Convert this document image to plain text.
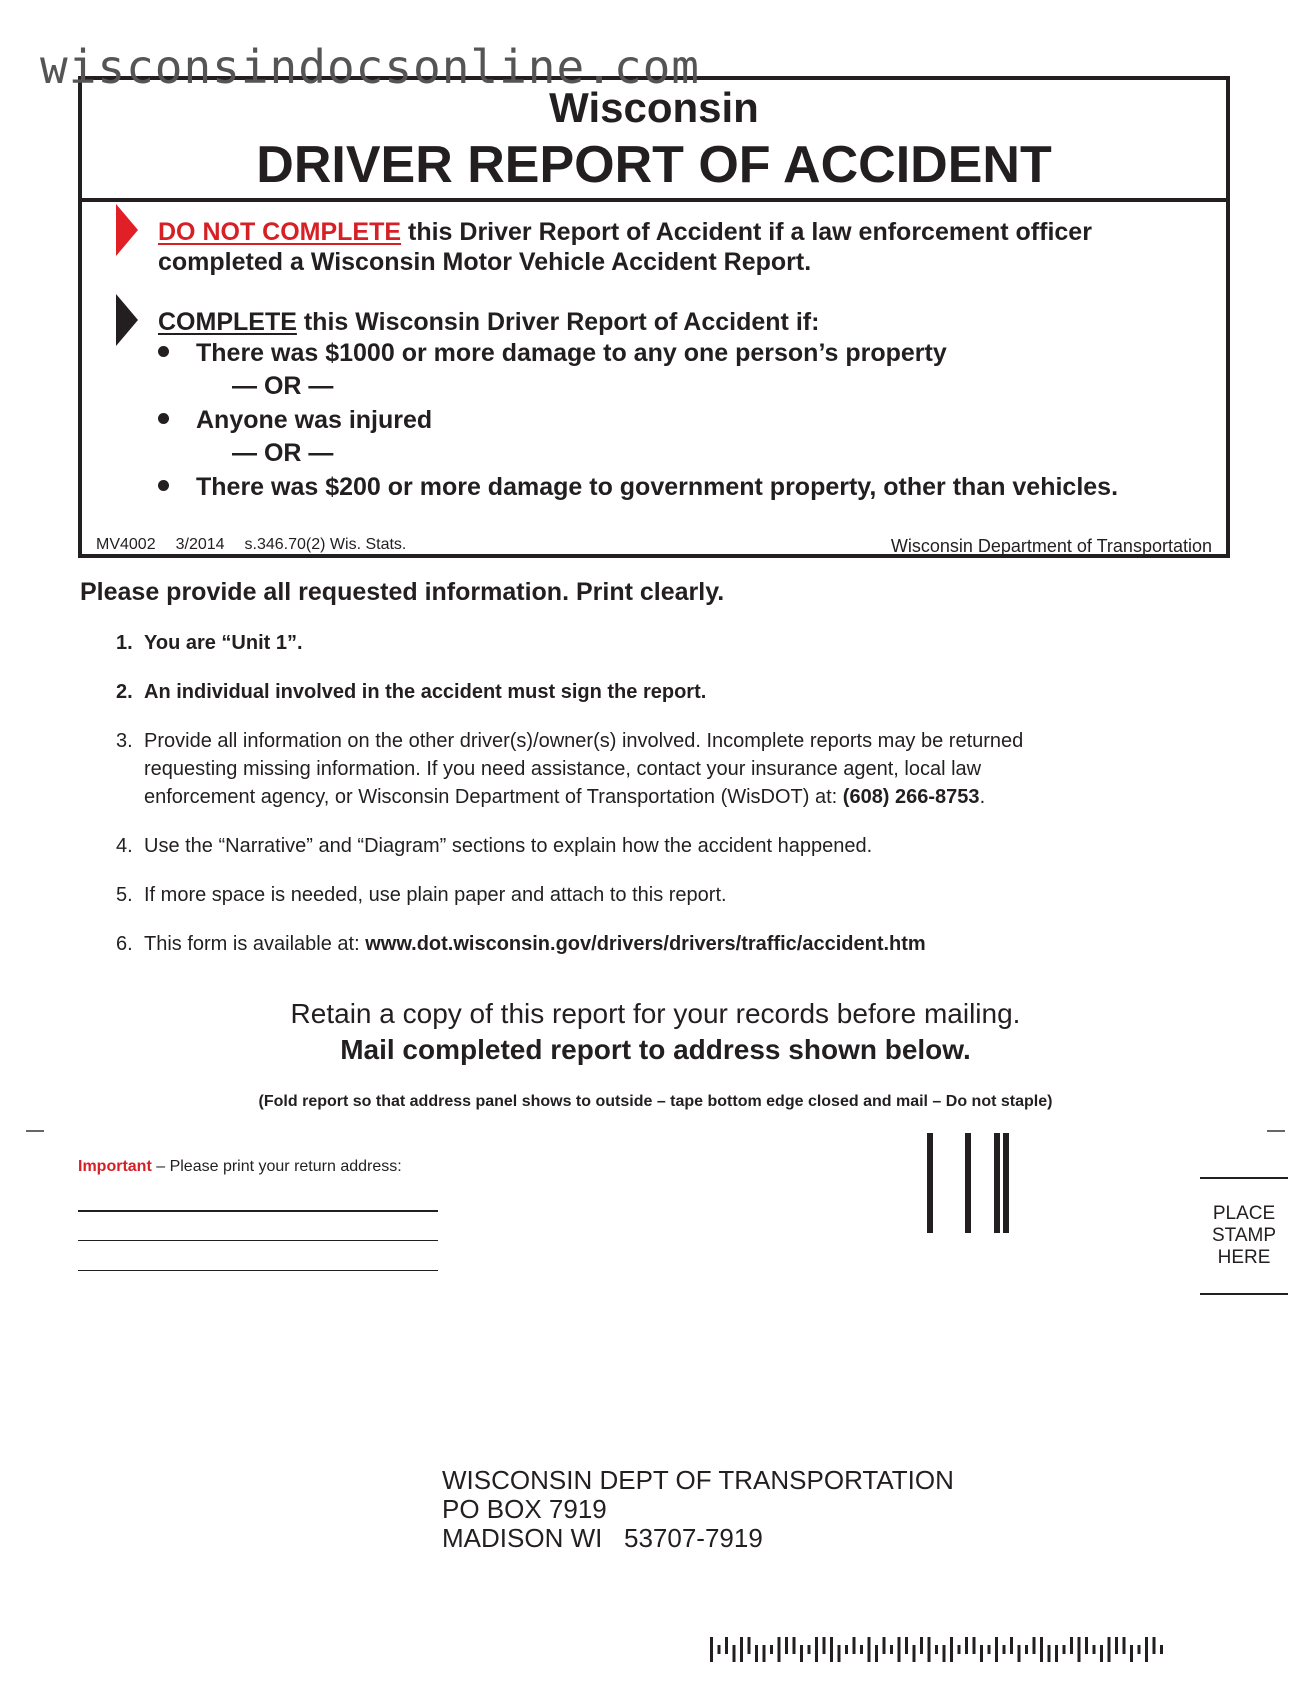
wisconsindocsonline.com
Wisconsin
DRIVER REPORT OF ACCIDENT
DO NOT COMPLETE this Driver Report of Accident if a law enforcement officer
completed a Wisconsin Motor Vehicle Accident Report.
COMPLETE this Wisconsin Driver Report of Accident if:
There was $1000 or more damage to any one person’s property
— OR —
Anyone was injured
— OR —
There was $200 or more damage to government property, other than vehicles.
MV4002 3/2014 s.346.70(2) Wis. Stats.	Wisconsin Department of Transportation
Please provide all requested information. Print clearly.
1. You are “Unit 1”.
2. An individual involved in the accident must sign the report.
3. Provide all information on the other driver(s)/owner(s) involved. Incomplete reports may be returned requesting missing information. If you need assistance, contact your insurance agent, local law enforcement agency, or Wisconsin Department of Transportation (WisDOT) at: (608) 266-8753.
4. Use the “Narrative” and “Diagram” sections to explain how the accident happened.
5. If more space is needed, use plain paper and attach to this report.
6. This form is available at: www.dot.wisconsin.gov/drivers/drivers/traffic/accident.htm
Retain a copy of this report for your records before mailing.
Mail completed report to address shown below.
(Fold report so that address panel shows to outside – tape bottom edge closed and mail – Do not staple)
Important – Please print your return address:
PLACE
STAMP
HERE
WISCONSIN DEPT OF TRANSPORTATION
PO BOX 7919
MADISON WI   53707-7919
